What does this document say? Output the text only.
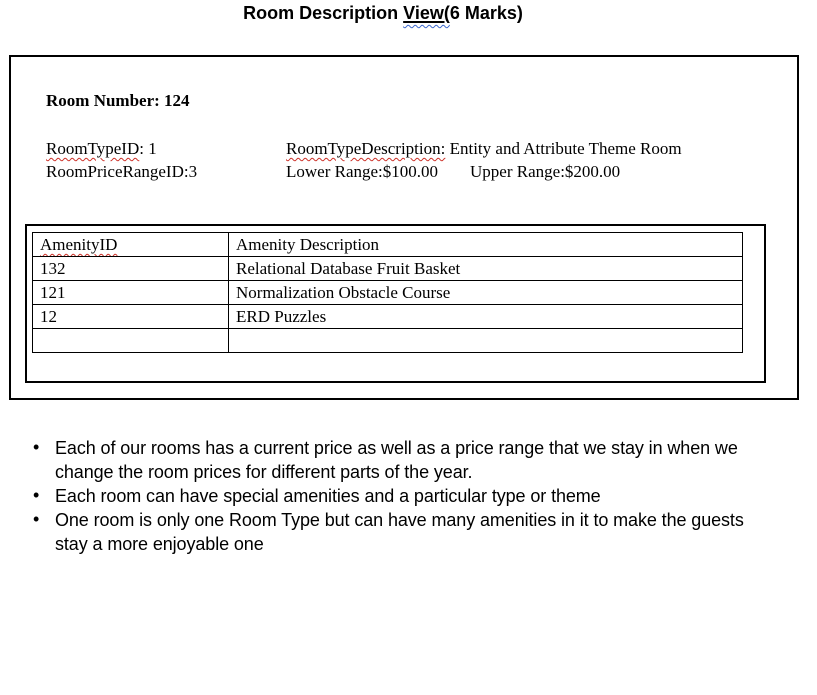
Room Description View(6 Marks)
Room Number: 124
RoomTypeID: 1
RoomPriceRangeID:3
RoomTypeDescription: Entity and Attribute Theme Room
Lower Range:$100.00 Upper Range:$200.00
AmenityID	Amenity Description
132	Relational Database Fruit Basket
121	Normalization Obstacle Course
12	ERD Puzzles

• Each of our rooms has a current price as well as a price range that we stay in when we change the room prices for different parts of the year.
• Each room can have special amenities and a particular type or theme
• One room is only one Room Type but can have many amenities in it to make the guests stay a more enjoyable one
